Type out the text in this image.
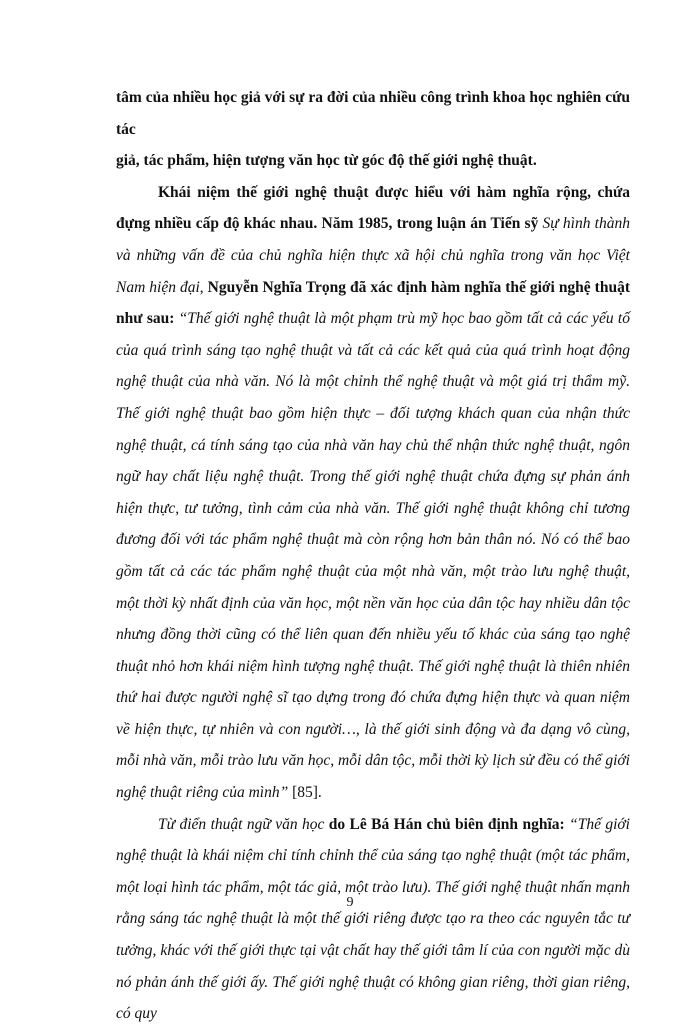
tâm của nhiều học giả với sự ra đời của nhiều công trình khoa học nghiên cứu tác
giả, tác phẩm, hiện tượng văn học từ góc độ thế giới nghệ thuật.

Khái niệm thế giới nghệ thuật được hiểu với hàm nghĩa rộng, chứa đựng nhiều cấp độ khác nhau. Năm 1985, trong luận án Tiến sỹ Sự hình thành và những vấn đề của chủ nghĩa hiện thực xã hội chủ nghĩa trong văn học Việt Nam hiện đại, Nguyễn Nghĩa Trọng đã xác định hàm nghĩa thế giới nghệ thuật như sau: “Thế giới nghệ thuật là một phạm trù mỹ học bao gồm tất cả các yếu tố của quá trình sáng tạo nghệ thuật và tất cả các kết quả của quá trình hoạt động nghệ thuật của nhà văn. Nó là một chỉnh thể nghệ thuật và một giá trị thẩm mỹ. Thế giới nghệ thuật bao gồm hiện thực – đối tượng khách quan của nhận thức nghệ thuật, cá tính sáng tạo của nhà văn hay chủ thể nhận thức nghệ thuật, ngôn ngữ hay chất liệu nghệ thuật. Trong thế giới nghệ thuật chứa đựng sự phản ánh hiện thực, tư tưởng, tình cảm của nhà văn. Thế giới nghệ thuật không chỉ tương đương đối với tác phẩm nghệ thuật mà còn rộng hơn bản thân nó. Nó có thể bao gồm tất cả các tác phẩm nghệ thuật của một nhà văn, một trào lưu nghệ thuật, một thời kỳ nhất định của văn học, một nền văn học của dân tộc hay nhiều dân tộc nhưng đồng thời cũng có thể liên quan đến nhiều yếu tố khác của sáng tạo nghệ thuật nhỏ hơn khái niệm hình tượng nghệ thuật. Thế giới nghệ thuật là thiên nhiên thứ hai được người nghệ sĩ tạo dựng trong đó chứa đựng hiện thực và quan niệm về hiện thực, tự nhiên và con người…, là thế giới sinh động và đa dạng vô cùng, mỗi nhà văn, mỗi trào lưu văn học, mỗi dân tộc, mỗi thời kỳ lịch sử đều có thể giới nghệ thuật riêng của mình” [85].

Từ điển thuật ngữ văn học do Lê Bá Hán chủ biên định nghĩa: “Thế giới nghệ thuật là khái niệm chỉ tính chỉnh thể của sáng tạo nghệ thuật (một tác phẩm, một loại hình tác phẩm, một tác giả, một trào lưu). Thế giới nghệ thuật nhấn mạnh rằng sáng tác nghệ thuật là một thế giới riêng được tạo ra theo các nguyên tắc tư tưởng, khác với thế giới thực tại vật chất hay thế giới tâm lí của con người mặc dù nó phản ánh thế giới ấy. Thế giới nghệ thuật có không gian riêng, thời gian riêng, có quy

9
